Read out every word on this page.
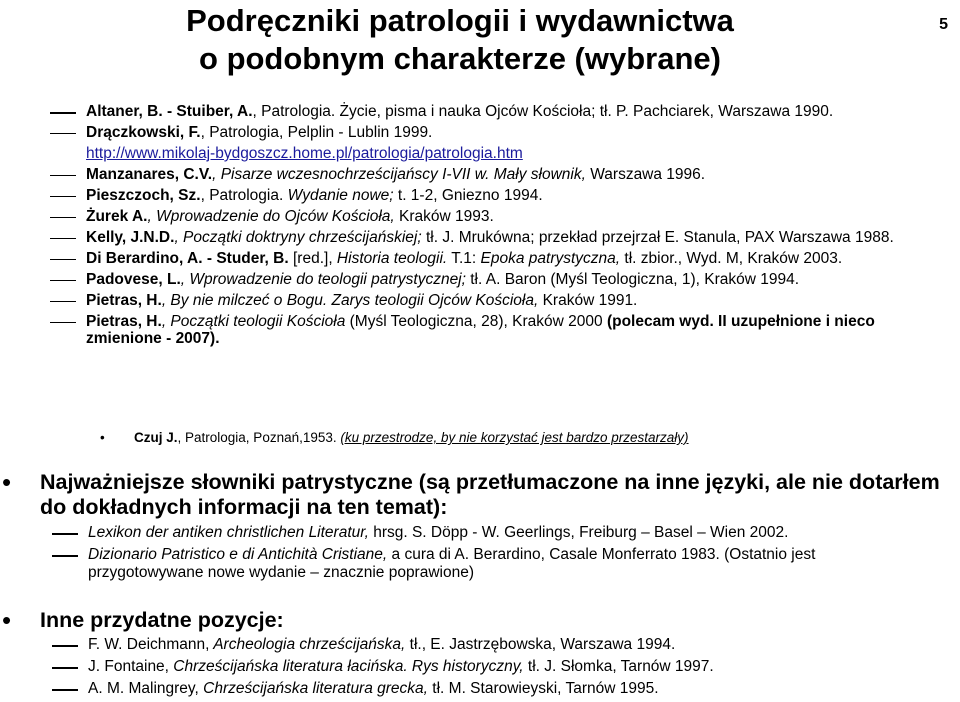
Podręczniki patrologii i wydawnictwa
o podobnym charakterze (wybrane)
5
Altaner, B. - Stuiber, A., Patrologia. Życie, pisma i nauka Ojców Kościoła; tł. P. Pachciarek, Warszawa 1990.
Drączkowski, F., Patrologia, Pelplin - Lublin 1999.
http://www.mikolaj-bydgoszcz.home.pl/patrologia/patrologia.htm
Manzanares, C.V., Pisarze wczesnochrześcijańscy I-VII w. Mały słownik, Warszawa 1996.
Pieszczoch, Sz., Patrologia. Wydanie nowe; t. 1-2, Gniezno 1994.
Żurek A., Wprowadzenie do Ojców Kościoła, Kraków 1993.
Kelly, J.N.D., Początki doktryny chrześcijańskiej; tł. J. Mrukówna; przekład przejrzał E. Stanula, PAX Warszawa 1988.
Di Berardino, A. - Studer, B. [red.], Historia teologii. T.1: Epoka patrystyczna, tł. zbior., Wyd. M, Kraków 2003.
Padovese, L., Wprowadzenie do teologii patrystycznej; tł. A. Baron (Myśl Teologiczna, 1), Kraków 1994.
Pietras, H., By nie milczeć o Bogu. Zarys teologii Ojców Kościoła, Kraków 1991.
Pietras, H., Początki teologii Kościoła (Myśl Teologiczna, 28), Kraków 2000 (polecam wyd. II uzupełnione i nieco zmienione - 2007).
• Czuj J., Patrologia, Poznań,1953. (ku przestrodze, by nie korzystać jest bardzo przestarzały)
• Najważniejsze słowniki patrystyczne (są przetłumaczone na inne języki, ale nie dotarłem do dokładnych informacji na ten temat):
Lexikon der antiken christlichen Literatur, hrsg. S. Döpp - W. Geerlings, Freiburg – Basel – Wien 2002.
Dizionario Patristico e di Antichità Cristiane, a cura di A. Berardino, Casale Monferrato 1983. (Ostatnio jest przygotowywane nowe wydanie – znacznie poprawione)
• Inne przydatne pozycje:
F. W. Deichmann, Archeologia chrześcijańska, tł., E. Jastrzębowska, Warszawa 1994.
J. Fontaine, Chrześcijańska literatura łacińska. Rys historyczny, tł. J. Słomka, Tarnów 1997.
A. M. Malingrey, Chrześcijańska literatura grecka, tł. M. Starowieyski, Tarnów 1995.
